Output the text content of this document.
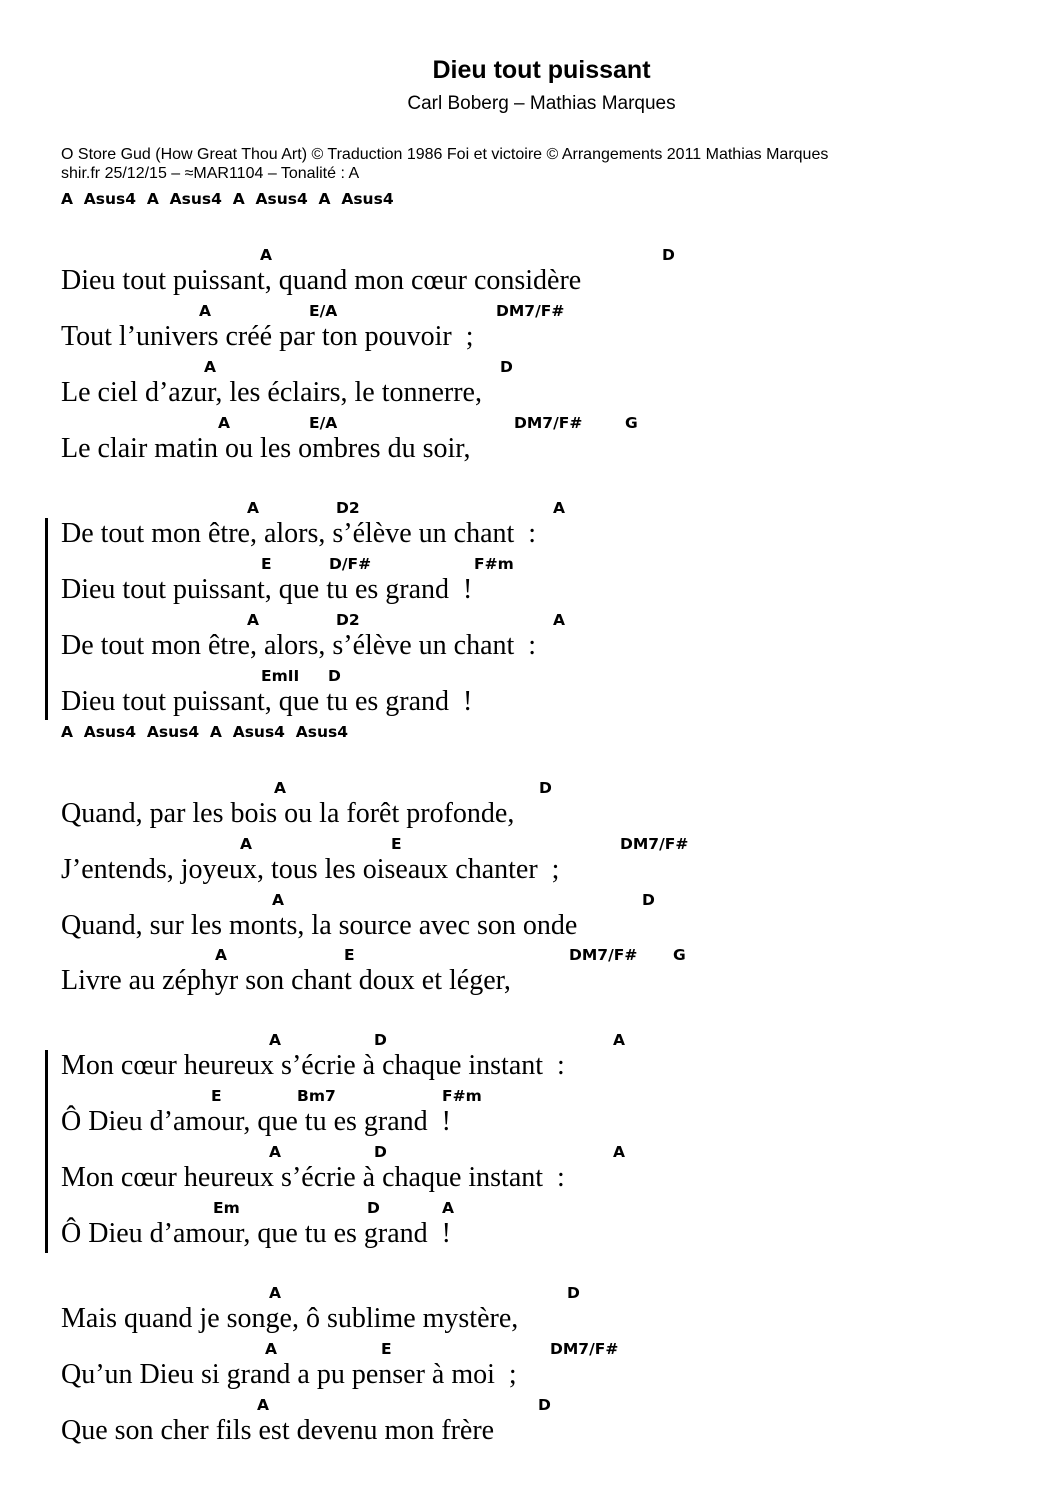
Dieu tout puissant
Carl Boberg – Mathias Marques
O Store Gud (How Great Thou Art) © Traduction 1986 Foi et victoire © Arrangements 2011 Mathias Marques
shir.fr 25/12/15 – ≈MAR1104 – Tonalité : A
A  Asus4  A  Asus4  A  Asus4  A  Asus4
A	D
Dieu tout puissant, quand mon cœur considère
A	E/A	DM7/F#
Tout l’univers créé par ton pouvoir  ;
A	D
Le ciel d’azur, les éclairs, le tonnerre,
A	E/A	DM7/F#	G
Le clair matin ou les ombres du soir,
A	D2	A
De tout mon être, alors, s’élève un chant  :
E	D/F#	F#m
Dieu tout puissant, que tu es grand  !
A	D2	A
De tout mon être, alors, s’élève un chant  :
EmII D
Dieu tout puissant, que tu es grand  !
A  Asus4  Asus4  A  Asus4  Asus4
A	D
Quand, par les bois ou la forêt profonde,
A	E	DM7/F#
J’entends, joyeux, tous les oiseaux chanter  ;
A	D
Quand, sur les monts, la source avec son onde
A	E	DM7/F# G
Livre au zéphyr son chant doux et léger,
A	D	A
Mon cœur heureux s’écrie à chaque instant  :
E	Bm7	F#m
Ô Dieu d’amour, que tu es grand  !
A	D	A
Mon cœur heureux s’écrie à chaque instant  :
Em	D	A
Ô Dieu d’amour, que tu es grand  !
A	D
Mais quand je songe, ô sublime mystère,
A	E	DM7/F#
Qu’un Dieu si grand a pu penser à moi  ;
A	D
Que son cher fils est devenu mon frère
